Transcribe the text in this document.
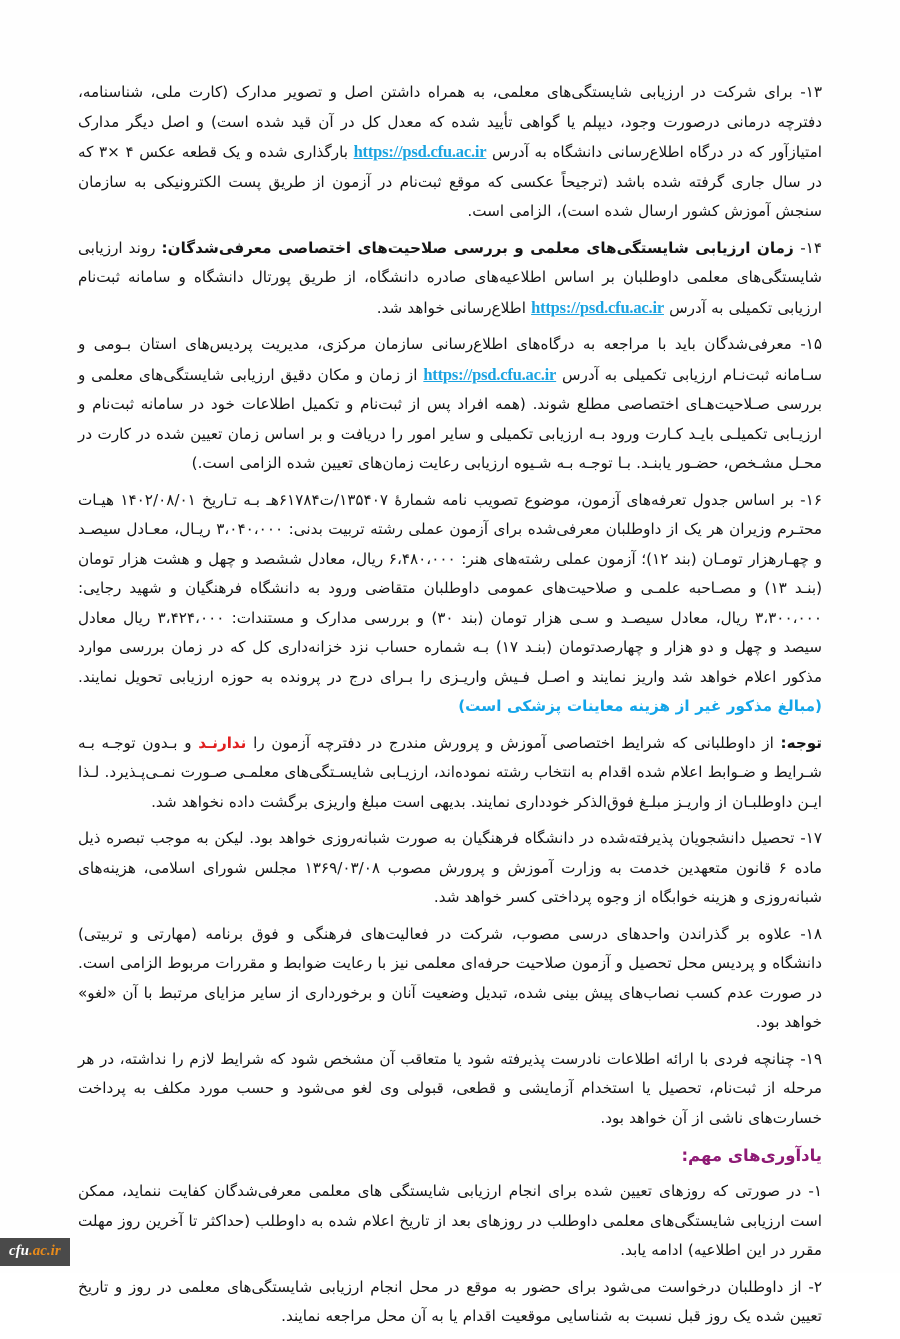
۱۳- برای شرکت در ارزیابی شایستگی‌های معلمی، به همراه داشتن اصل و تصویر مدارک (کارت ملی، شناسنامه، دفترچه درمانی درصورت وجود، دیپلم یا گواهی تأیید شده که معدل کل در آن قید شده است) و اصل دیگر مدارک امتیازآور که در درگاه اطلاع‌رسانی دانشگاه به آدرس https://psd.cfu.ac.ir بارگذاری شده و یک قطعه عکس ۴ ×۳ که در سال جاری گرفته شده باشد (ترجیحاً عکسی که موقع ثبت‌نام در آزمون از طریق پست الکترونیکی به سازمان سنجش آموزش کشور ارسال شده است)، الزامی است.

۱۴- زمان ارزیابی شایستگی‌های معلمی و بررسی صلاحیت‌های اختصاصی معرفی‌شدگان: روند ارزیابی شایستگی‌های معلمی داوطلبان بر اساس اطلاعیه‌های صادره دانشگاه، از طریق پورتال دانشگاه و سامانه ثبت‌نام ارزیابی تکمیلی به آدرس https://psd.cfu.ac.ir اطلاع‌رسانی خواهد شد.

۱۵- معرفی‌شدگان باید با مراجعه به درگاه‌های اطلاع‌رسانی سازمان مرکزی، مدیریت پردیس‌های استان بـومی و سـامانه ثبت‌نـام ارزیابی تکمیلی به آدرس https://psd.cfu.ac.ir از زمان و مکان دقیق ارزیابی شایستگی‌های معلمی و بررسی صـلاحیت‌هـای اختصاصی مطلع شوند. (همه افراد پس از ثبت‌نام و تکمیل اطلاعات خود در سامانه ثبت‌نام و ارزیـابی تکمیلـی بایـد کـارت ورود بـه ارزیابی تکمیلی و سایر امور را دریافت و بر اساس زمان تعیین شده در کارت در محـل مشـخص، حضـور یابنـد. بـا توجـه بـه شـیوه ارزیابی رعایت زمان‌های تعیین شده الزامی است.)

۱۶- بر اساس جدول تعرفه‌های آزمون، موضوع تصویب نامه شمارهٔ ۱۳۵۴۰۷/ت۶۱۷۸۴هـ بـه تـاریخ ۱۴۰۲/۰۸/۰۱ هیـات محتـرم وزیران هر یک از داوطلبان معرفی‌شده برای آزمون عملی رشته تربیت بدنی: ۳،۰۴۰،۰۰۰ ریـال، معـادل سیصـد و چهـارهزار تومـان (بند ۱۲)؛ آزمون عملی رشته‌های هنر: ۶،۴۸۰،۰۰۰ ریال، معادل ششصد و چهل و هشت هزار تومان (بنـد ۱۳) و مصـاحبه علمـی و صلاحیت‌های عمومی داوطلبان متقاضی ورود به دانشگاه فرهنگیان و شهید رجایی: ۳،۳۰۰،۰۰۰ ریال، معادل سیصـد و سـی هزار تومان (بند ۳۰) و بررسی مدارک و مستندات: ۳،۴۲۴،۰۰۰ ریال معادل سیصد و چهل و دو هزار و چهارصدتومان (بنـد ۱۷) بـه شماره حساب نزد خزانه‌داری کل که در زمان بررسی موارد مذکور اعلام خواهد شد واریز نمایند و اصـل فـیش واریـزی را بـرای درج در پرونده به حوزه ارزیابی تحویل نمایند. (مبالغ مذکور غیر از هزینه معاینات پزشکی است)

توجه: از داوطلبانی که شرایط اختصاصی آموزش و پرورش مندرج در دفترچه آزمون را ندارنـد و بـدون توجـه بـه شـرایط و ضـوابط اعلام شده اقدام به انتخاب رشته نموده‌اند، ارزیـابی شایسـتگی‌های معلمـی صـورت نمـی‌پـذیرد. لـذا ایـن داوطلبـان از واریـز مبلـغ فوق‌الذکر خودداری نمایند. بدیهی است مبلغ واریزی برگشت داده نخواهد شد.

۱۷- تحصیل دانشجویان پذیرفته‌شده در دانشگاه فرهنگیان به صورت شبانه‌روزی خواهد بود. لیکن به موجب تبصره ذیل ماده ۶ قانون متعهدین خدمت به وزارت آموزش و پرورش مصوب ۱۳۶۹/۰۳/۰۸ مجلس شورای اسلامی، هزینه‌های شبانه‌روزی و هزینه خوابگاه از وجوه پرداختی کسر خواهد شد.

۱۸- علاوه بر گذراندن واحدهای درسی مصوب، شرکت در فعالیت‌های فرهنگی و فوق برنامه (مهارتی و تربیتی) دانشگاه و پردیس محل تحصیل و آزمون صلاحیت حرفه‌ای معلمی نیز با رعایت ضوابط و مقررات مربوط الزامی است. در صورت عدم کسب نصاب‌های پیش بینی شده، تبدیل وضعیت آنان و برخورداری از سایر مزایای مرتبط با آن «لغو» خواهد بود.

۱۹- چنانچه فردی با ارائه اطلاعات نادرست پذیرفته شود یا متعاقب آن مشخص شود که شرایط لازم را نداشته، در هر مرحله از ثبت‌نام، تحصیل یا استخدام آزمایشی و قطعی، قبولی وی لغو می‌شود و حسب مورد مکلف به پرداخت خسارت‌های ناشی از آن خواهد بود.

یادآوری‌های مهم:

۱- در صورتی که روزهای تعیین شده برای انجام ارزیابی شایستگی های معلمی معرفی‌شدگان کفایت ننماید، ممکن است ارزیابی شایستگی‌های معلمی داوطلب در روزهای بعد از تاریخ اعلام شده به داوطلب (حداکثر تا آخرین روز مهلت مقرر در این اطلاعیه) ادامه یابد.

۲- از داوطلبان درخواست می‌شود برای حضور به موقع در محل انجام ارزیابی شایستگی‌های معلمی در روز و تاریخ تعیین شده یک روز قبل نسبت به شناسایی موقعیت اقدام یا به آن محل مراجعه نمایند.

cfu.ac.ir
